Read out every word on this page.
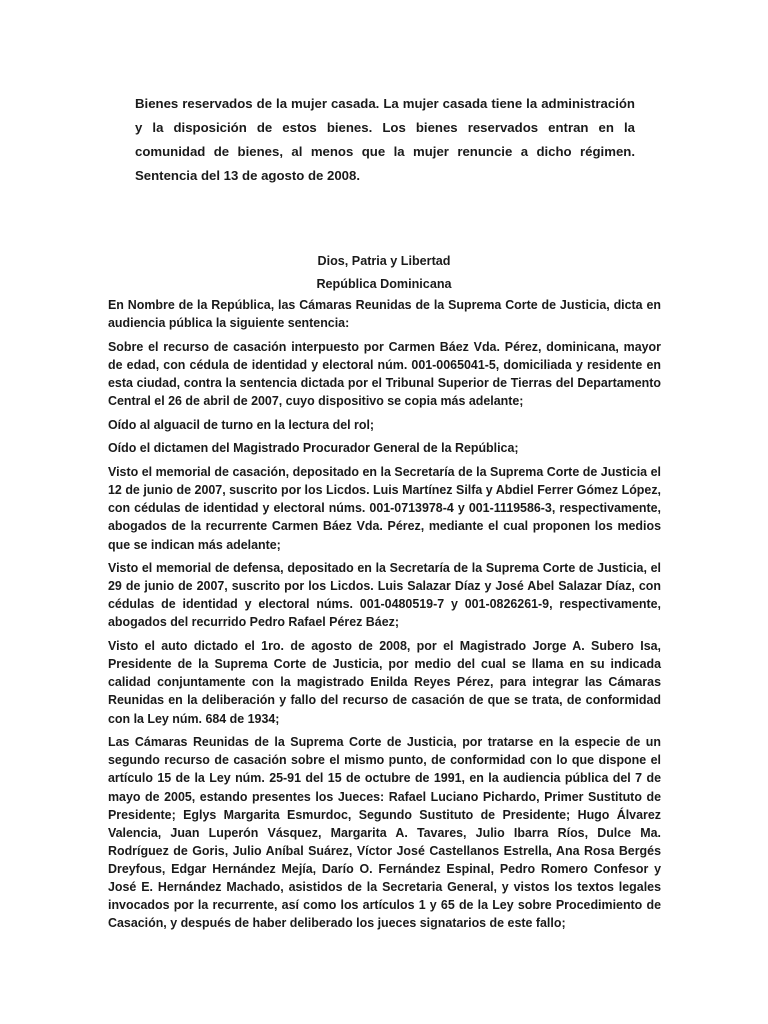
Bienes reservados de la mujer casada. La mujer casada tiene la administración y la disposición de estos bienes. Los bienes reservados entran en la comunidad de bienes, al menos que la mujer renuncie a dicho régimen. Sentencia del 13 de agosto de 2008.

Dios, Patria y Libertad

República Dominicana

En Nombre de la República, las Cámaras Reunidas de la Suprema Corte de Justicia, dicta en audiencia pública la siguiente sentencia:

Sobre el recurso de casación interpuesto por Carmen Báez Vda. Pérez, dominicana, mayor de edad, con cédula de identidad y electoral núm. 001-0065041-5, domiciliada y residente en esta ciudad, contra la sentencia dictada por el Tribunal Superior de Tierras del Departamento Central el 26 de abril de 2007, cuyo dispositivo se copia más adelante;

Oído al alguacil de turno en la lectura del rol;

Oído el dictamen del Magistrado Procurador General de la República;

Visto el memorial de casación, depositado en la Secretaría de la Suprema Corte de Justicia el 12 de junio de 2007, suscrito por los Licdos. Luis Martínez Silfa y Abdiel Ferrer Gómez López, con cédulas de identidad y electoral núms. 001-0713978-4 y 001-1119586-3, respectivamente, abogados de la recurrente Carmen Báez Vda. Pérez, mediante el cual proponen los medios que se indican más adelante;

Visto el memorial de defensa, depositado en la Secretaría de la Suprema Corte de Justicia, el 29 de junio de 2007, suscrito por los Licdos. Luis Salazar Díaz y José Abel Salazar Díaz, con cédulas de identidad y electoral núms. 001-0480519-7 y 001-0826261-9, respectivamente, abogados del recurrido Pedro Rafael Pérez Báez;

Visto el auto dictado el 1ro. de agosto de 2008, por el Magistrado Jorge A. Subero Isa, Presidente de la Suprema Corte de Justicia, por medio del cual se llama en su indicada calidad conjuntamente con la magistrado Enilda Reyes Pérez, para integrar las Cámaras Reunidas en la deliberación y fallo del recurso de casación de que se trata, de conformidad con la Ley núm. 684 de 1934;

Las Cámaras Reunidas de la Suprema Corte de Justicia, por tratarse en la especie de un segundo recurso de casación sobre el mismo punto, de conformidad con lo que dispone el artículo 15 de la Ley núm. 25-91 del 15 de octubre de 1991, en la audiencia pública del 7 de mayo de 2005, estando presentes los Jueces: Rafael Luciano Pichardo, Primer Sustituto de Presidente; Eglys Margarita Esmurdoc, Segundo Sustituto de Presidente; Hugo Álvarez Valencia, Juan Luperón Vásquez, Margarita A. Tavares, Julio Ibarra Ríos, Dulce Ma. Rodríguez de Goris, Julio Aníbal Suárez, Víctor José Castellanos Estrella, Ana Rosa Bergés Dreyfous, Edgar Hernández Mejía, Darío O. Fernández Espinal, Pedro Romero Confesor y José E. Hernández Machado, asistidos de la Secretaria General, y vistos los textos legales invocados por la recurrente, así como los artículos 1 y 65 de la Ley sobre Procedimiento de Casación, y después de haber deliberado los jueces signatarios de este fallo;
